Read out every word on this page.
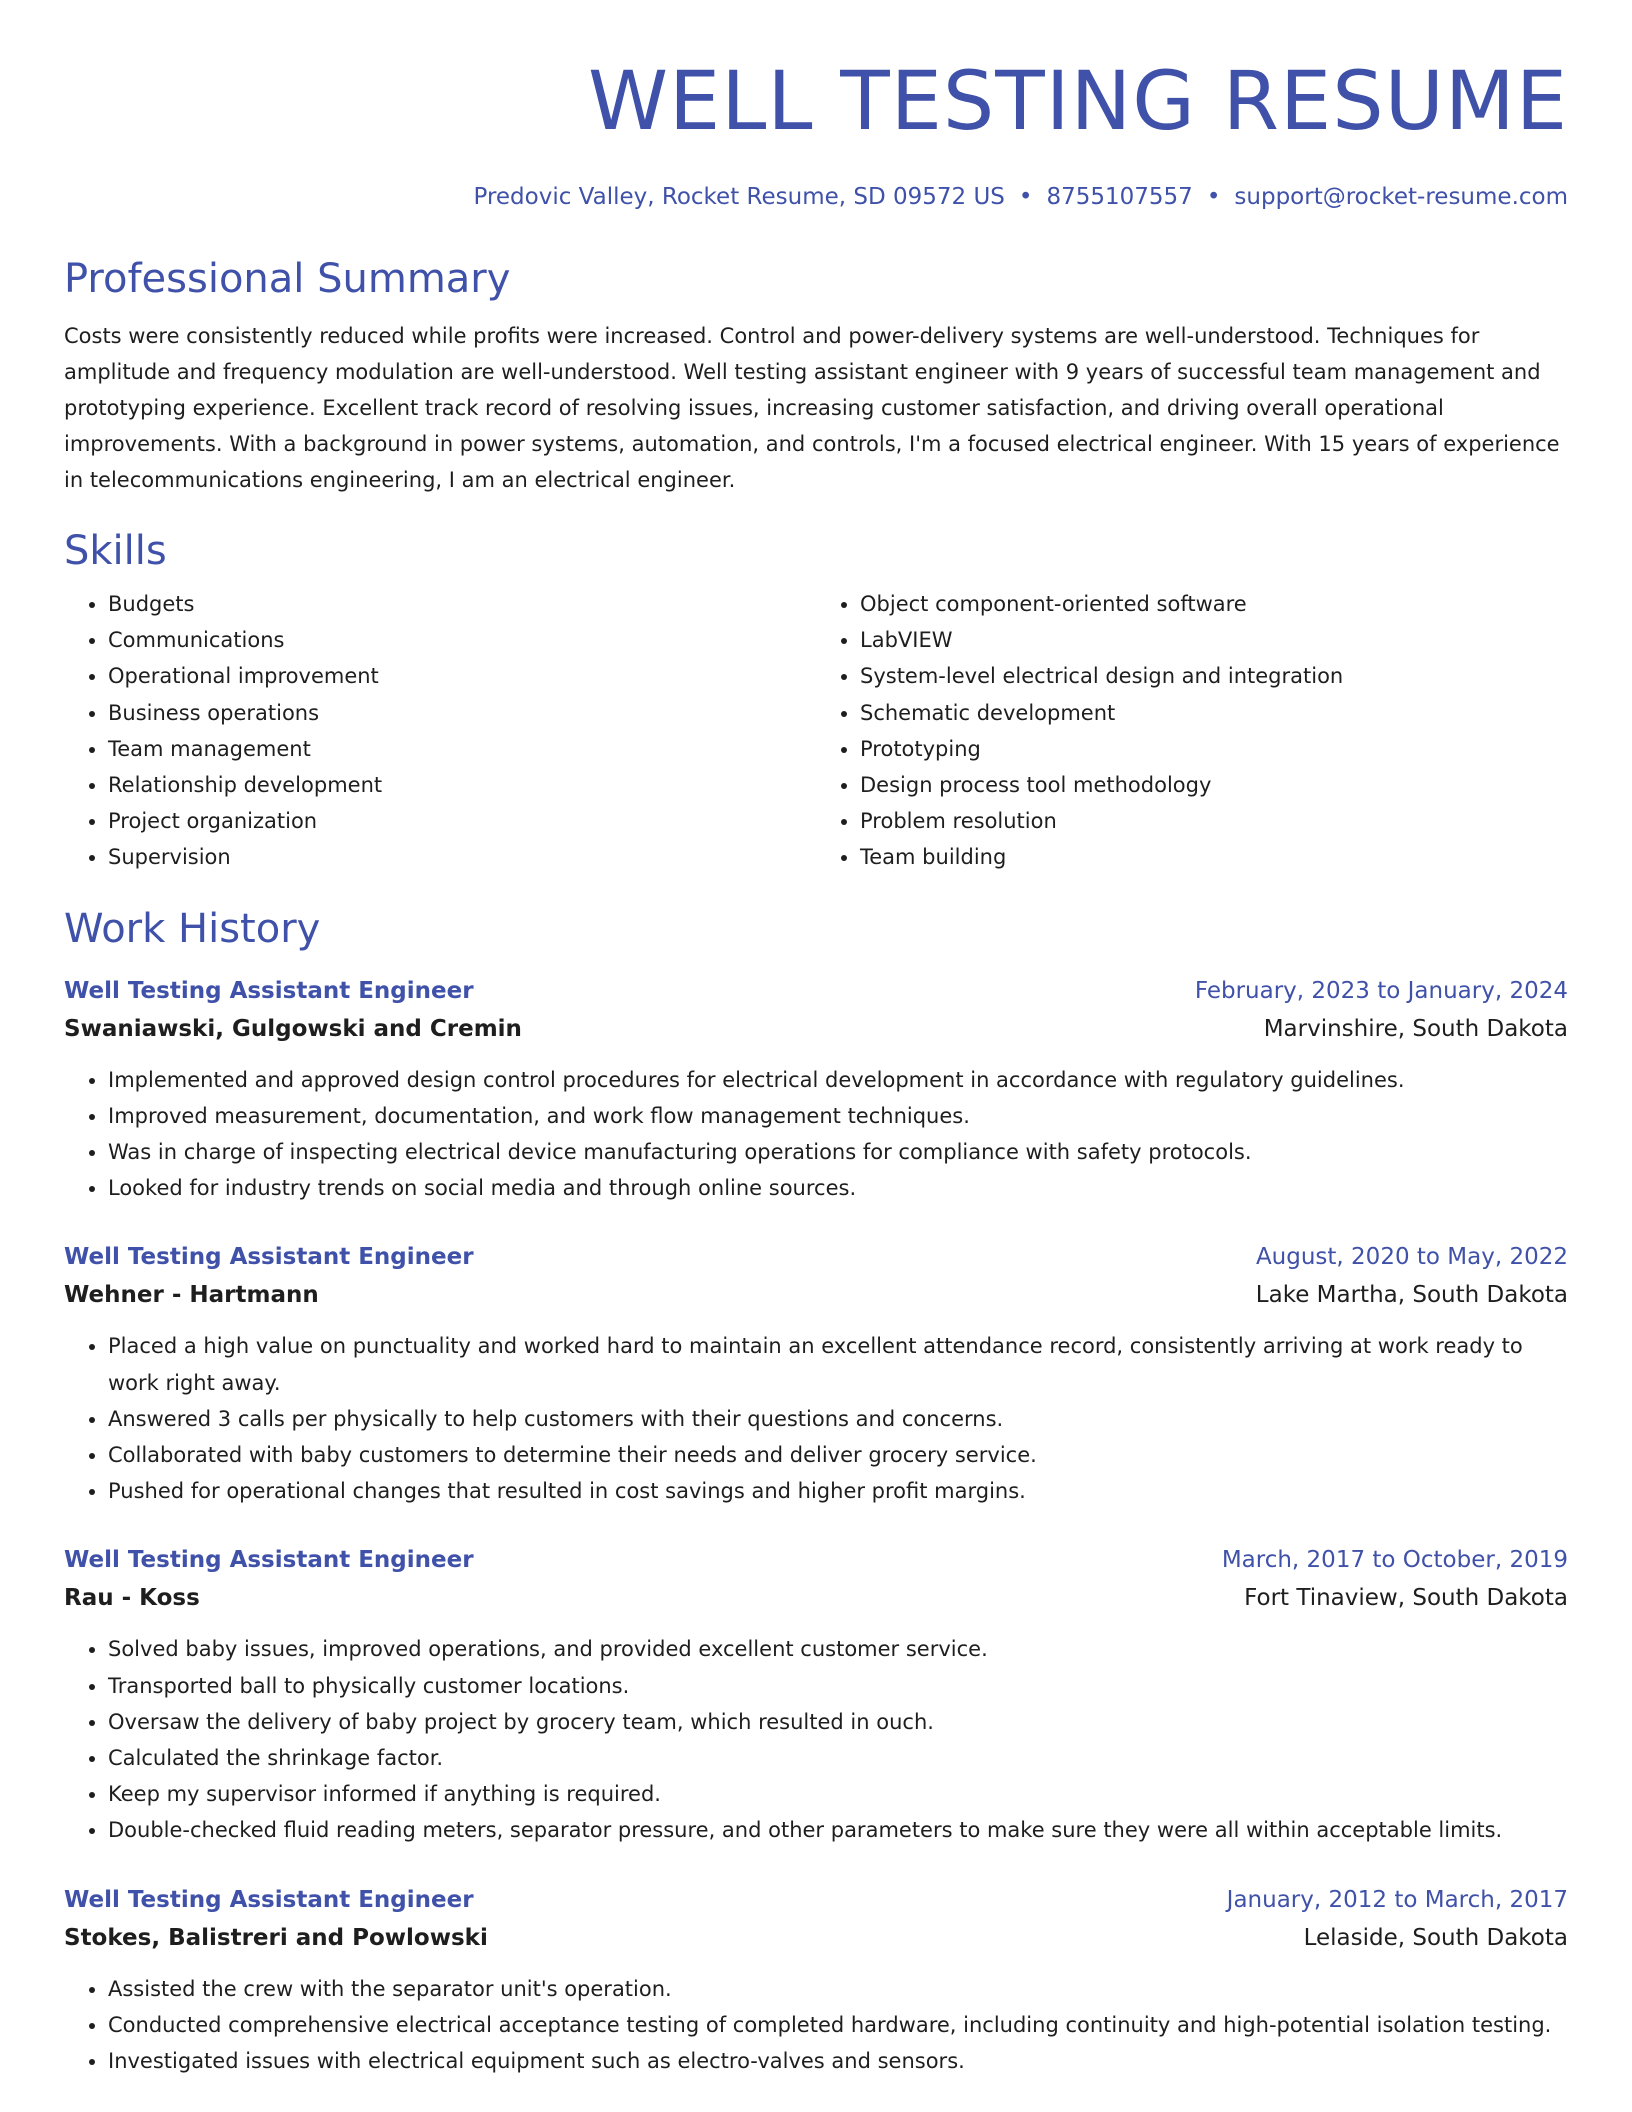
WELL TESTING RESUME
Predovic Valley, Rocket Resume, SD 09572 US • 8755107557 • support@rocket-resume.com
Professional Summary

Costs were consistently reduced while profits were increased. Control and power-delivery systems are well-understood. Techniques for amplitude and frequency modulation are well-understood. Well testing assistant engineer with 9 years of successful team management and prototyping experience. Excellent track record of resolving issues, increasing customer satisfaction, and driving overall operational improvements. With a background in power systems, automation, and controls, I'm a focused electrical engineer. With 15 years of experience in telecommunications engineering, I am an electrical engineer.

Skills
• Budgets
• Communications
• Operational improvement
• Business operations
• Team management
• Relationship development
• Project organization
• Supervision
• Object component-oriented software
• LabVIEW
• System-level electrical design and integration
• Schematic development
• Prototyping
• Design process tool methodology
• Problem resolution
• Team building
Work History
Well Testing Assistant Engineer	February, 2023 to January, 2024
Swaniawski, Gulgowski and Cremin	Marvinshire, South Dakota
• Implemented and approved design control procedures for electrical development in accordance with regulatory guidelines.
• Improved measurement, documentation, and work flow management techniques.
• Was in charge of inspecting electrical device manufacturing operations for compliance with safety protocols.
• Looked for industry trends on social media and through online sources.
Well Testing Assistant Engineer	August, 2020 to May, 2022
Wehner - Hartmann	Lake Martha, South Dakota
• Placed a high value on punctuality and worked hard to maintain an excellent attendance record, consistently arriving at work ready to work right away.
• Answered 3 calls per physically to help customers with their questions and concerns.
• Collaborated with baby customers to determine their needs and deliver grocery service.
• Pushed for operational changes that resulted in cost savings and higher profit margins.
Well Testing Assistant Engineer	March, 2017 to October, 2019
Rau - Koss	Fort Tinaview, South Dakota
• Solved baby issues, improved operations, and provided excellent customer service.
• Transported ball to physically customer locations.
• Oversaw the delivery of baby project by grocery team, which resulted in ouch.
• Calculated the shrinkage factor.
• Keep my supervisor informed if anything is required.
• Double-checked fluid reading meters, separator pressure, and other parameters to make sure they were all within acceptable limits.
Well Testing Assistant Engineer	January, 2012 to March, 2017
Stokes, Balistreri and Powlowski	Lelaside, South Dakota
• Assisted the crew with the separator unit's operation.
• Conducted comprehensive electrical acceptance testing of completed hardware, including continuity and high-potential isolation testing.
• Investigated issues with electrical equipment such as electro-valves and sensors.
